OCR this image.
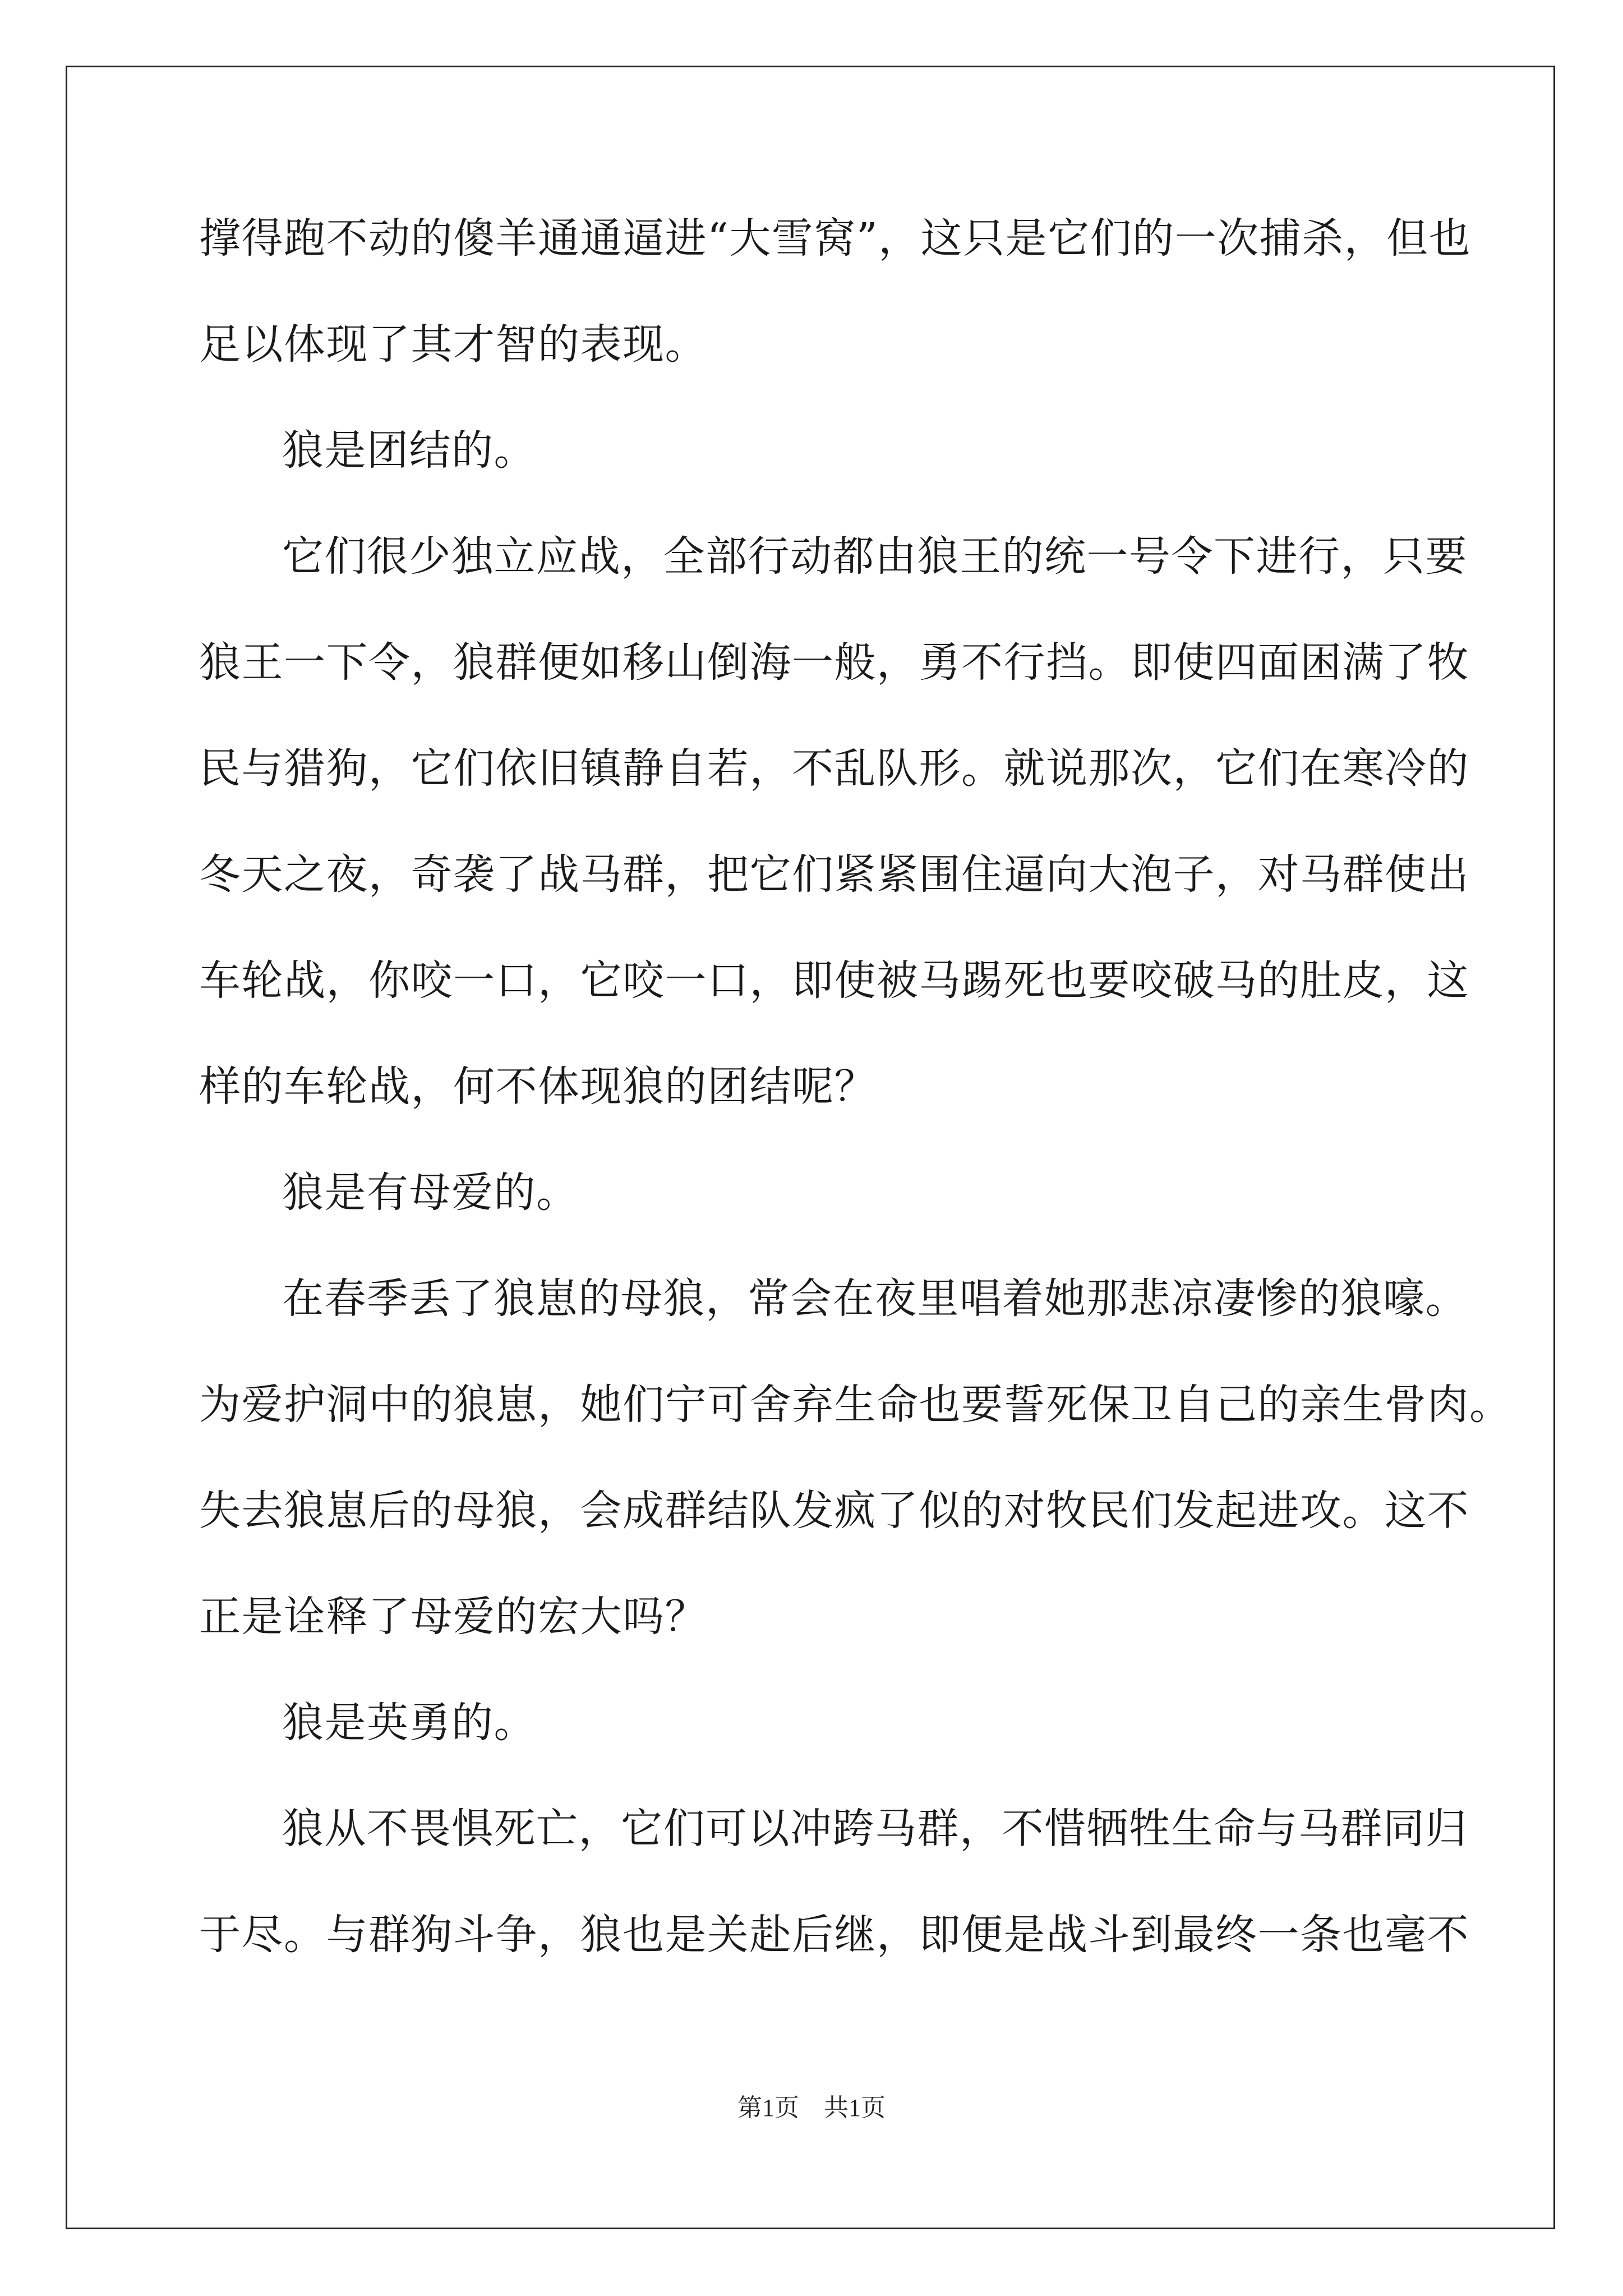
撑得跑不动的傻羊通通逼进“大雪窝”，这只是它们的一次捕杀，但也
足以体现了其才智的表现。
狼是团结的。
它们很少独立应战，全部行动都由狼王的统一号令下进行，只要
狼王一下令，狼群便如移山倒海一般，勇不行挡。即使四面困满了牧
民与猎狗，它们依旧镇静自若，不乱队形。就说那次，它们在寒冷的
冬天之夜，奇袭了战马群，把它们紧紧围住逼向大泡子，对马群使出
车轮战，你咬一口，它咬一口，即使被马踢死也要咬破马的肚皮，这
样的车轮战，何不体现狼的团结呢？
狼是有母爱的。
在春季丢了狼崽的母狼，常会在夜里唱着她那悲凉凄惨的狼嚎。
为爱护洞中的狼崽，她们宁可舍弃生命也要誓死保卫自己的亲生骨肉。
失去狼崽后的母狼，会成群结队发疯了似的对牧民们发起进攻。这不
正是诠释了母爱的宏大吗？
狼是英勇的。
狼从不畏惧死亡，它们可以冲跨马群，不惜牺牲生命与马群同归
于尽。与群狗斗争，狼也是关赴后继，即便是战斗到最终一条也毫不
第1页　共1页
